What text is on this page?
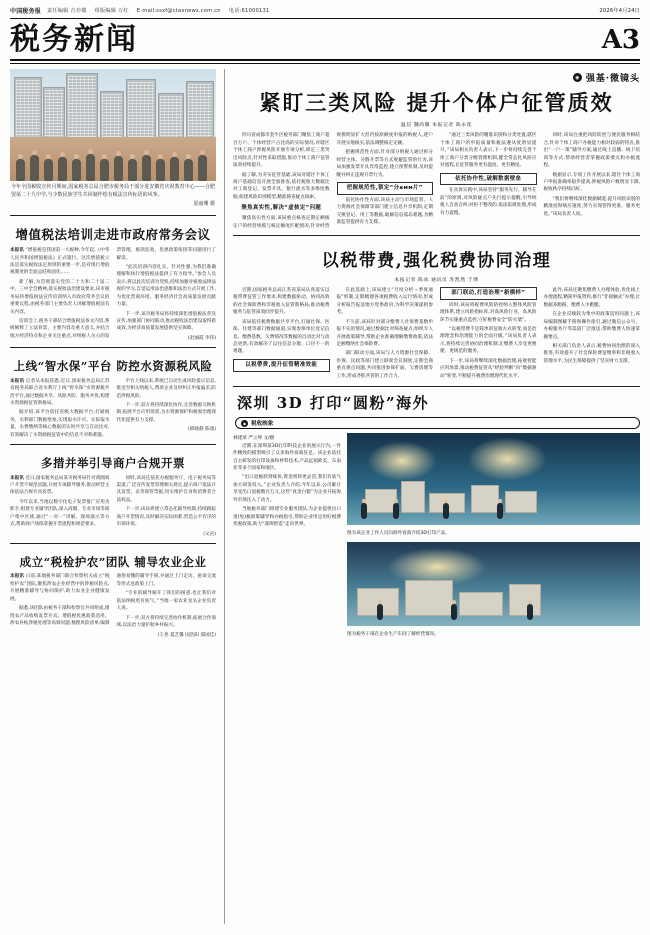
中国税务报 责任编辑 吉亦微 组版编辑 万红 E-mail:ssxf@ctaxnews.com.cn 电话:61000131	2026年4月24日
税务新闻	A3
今年全国税收宣传月期间,国家税务总局合肥市税务局于部分进安徽省庆祝教育中心——合肥罢第二十九中学,与少数民族学生共同制作绘有税法宣传标语的风筝。
夏丽珊 摄
增值税法培训走进市政府常务会议

本报讯 “增值税是我国第一大税种,今年起,《中华人民共和国增值税法》正式施行。这次增值税立法是落实税收法定原则的重要一步,是对现行增值税制度的全面总结和固化……

新了解,为贯彻落实党的二十大和二十届二中、三中全会精神,落实税收法治建设要求,该市税务局将增值税法宣传培训纳入市政府常务会议的重要议程,由税务部门主要负责人讲解增值税法有关内容。

培训会上,税务干部结合增值税法条文内容,系统阐释了立法背景、主要内容及重大意义,并结合地方经济特点和企业关注重点,对纳税人关心的发票管理、税款征收、优惠政策衔接等问题进行了解读。

“此次培训内容扎实、针对性强,为我们准确理解和执行增值税法提供了有力指导。”参会人员表示,将以此次培训为契机,持续加强对税收法律法规的学习,自觉运用法治思维和法治方式开展工作,为优化营商环境、服务经济社会高质量发展贡献力量。

下一步,该市税务局将持续深化增值税法普及宣传,加强部门协同联动,推动税收法治建设取得新成效,为经济高质量发展提供坚实保障。

(赵丽霞 李伟)
上线“智水保”平台 防控水资源税风险

本报讯 记者从本报获悉,近日,国家税务总局江苏省税务局联合省水利厅上线“智水保”水资源税共治平台,通过数据共享、风险共防、服务共优,构建水资源税征管新格局。

据介绍,该平台依托省级大数据平台,打通税务、水利部门数据壁垒,实现取水许可、实际取水量、水费缴纳等核心数据的实时共享与自动比对,有效解决了水资源税征管中的信息不对称难题。

平台上线以来,系统已自动生成风险提示信息,推送至相关纳税人,帮助企业及时纠正申报偏差,防范涉税风险。

下一步,双方将持续深化协作,完善数据交换机制,拓展平台应用场景,为水资源保护和税收治理现代化提供有力支撑。

(韩晓静 陈康)
多措并举引导商户合规开票

本报讯 近日,国家税务总局某市税务局针对商圈商户开票不规范问题,开展专项辅导服务,推动经营主体依法合规开具发票。

今年以来,当地以数字化电子发票推广应用为抓手,组建专业辅导团队,深入商圈、专业市场等商户集中区域,通过“一对一”讲解、现场演示等方式,帮助商户熟练掌握开票流程和规范要求。

同时,该局还依托办税服务厅、电子税务局等渠道,广泛宣传发票管理相关规定,提示商户依法开具发票、妥善保管票据,切实维护自身和消费者合法权益。

下一步,该局将建立常态化辅导机制,持续跟踪商户开票情况,及时解决实际困难,营造公平有序的市场环境。

(文岩)
成立“税检护农”团队 辅导农业企业

本报讯 日前,某地税务部门联合检察机关成立“税检护农”团队,聚焦涉农企业经营中的涉税风险点,开展精准辅导与协同保护,助力农业企业健康发展。

据悉,该团队由税务干部和检察官共同组成,围绕农产品收购发票开具、增值税优惠政策适用、涉农补贴涉税处理等高频问题,梳理风险清单,编制通俗易懂的辅导手册,并通过上门走访、座谈交流等形式送政策上门。

“专业的辅导解开了我们的困惑,也让我们对依法纳税更有底气。”当地一家农业龙头企业负责人说。

下一步,双方将持续完善协作机制,拓展合作领域,以法治力量护航乡村振兴。

(王尧 夏艺馨 国浩阳 邵国佳)
◉ 强基·微镜头
紧盯三类风险 提升个体户征管质效
温信 魏尚馨 本报记者 陈永莲

四川省成都市金牛区税务部门聚焦工商户超百万户、个体经营户占比高的实际情况,对辖区个体工商户涉税风险开展专项分析,锁定三类突出风险点,针对性采取措施,推动个体工商户征管质效持续提升。

据了解,为夯实征管基础,该局对辖区个体工商户基础信息开展全面排查,依托税收大数据比对工商登记、发票开具、银行流水等多维度数据,构建风险识别模型,精准筛查疑点线索。

聚焦真实性,解决“虚核定”问题

聚焦真实性方面,该局重点核查定期定额核定户的经营规模与核定额度匹配情况,针对经营规模明显扩大但仍按原额度申报的纳税人,逐户开展实地核实,依法调整核定定额。

把握规范性方面,针对部分纳税人通过拆分经营主体、分散开票等方式规避监管的行为,该局加强发票开具异常监控,建立预警机制,及时提醒并纠正违规开票行为。

把握规范性,锁定“分амм片”

依托协作性方面,该局主动与市场监管、人力资源社会保障等部门建立信息共享机制,定期交换登记、用工等数据,破解信息孤岛难题,为精准监管提供有力支撑。

“通过三类风险的精准识别和分类处置,辖区个体工商户的申报质量和税法遵从度明显提升。”该局相关负责人表示,下一步将持续完善个体工商户分类分级管理机制,健全常态化风险应对流程,让征管服务更有温度、更有精度。

依托协作性,破解数据壁垒

在具体实践中,该局坚持“服务先行、辅导在前”的原则,对风险疑点户先行提示提醒,引导纳税人自查自纠;对拒不整改的,依法依规处理,形成有力震慑。

同时,该局注重把风险防控与便民服务相结合,针对个体工商户办税能力相对较弱的特点,推出“一户一策”辅导方案,通过线上直播、线下培训等方式,帮助经营者掌握政策要点和办税流程。

数据显示,专项工作开展以来,辖区个体工商户申报准确率稳步提高,涉税风险户数明显下降,税收秩序持续向好。

“我们将继续深化数据赋能,提升风险识别的精准度和响应速度,努力实现管得更准、服务更优。”该局负责人说。

以税带费,强化税费协同治理
本报记者 陈冰 通讯员 苏凯然 于博

近期,国家税务总局江苏省某局认真落实以税带费征管工作要求,构建数据驱动、协同高效的社会保险费和非税收入征管新格局,推动税费服务与征管质效同步提升。

该局依托税费数据共享平台,打通社保、医保、住建等部门数据通道,实现参保单位登记信息、缴费基数、欠费情况等数据的自动比对与动态更新,有效解决了以往信息分散、口径不一的难题。

以税帶费,提升征管精准效能

在此基础上,该局建立“月度分析﹢季度通报”机制,定期梳理各项税费收入运行情况,形成分析报告报送地方党委政府,为科学决策提供参考。

不久前,该局针对部分缴费人社保费基数申报不实的情况,通过数据比对筛查疑点,组织专人开展政策辅导,帮助企业准确理解缴费政策,依法足额缴纳社会保险费。

部门联动方面,该局与人力资源社会保障、医保、民政等部门建立联席会议制度,定期会商重点难点问题,共同推进参保扩面、欠费清理等工作,形成齐抓共管的工作合力。

部门联动,打造治理“新模样”

同时,该局将税费风险防控纳入整体风险管理体系,建立风险指标库,对高风险行业、高风险环节实施重点监控,守好税费安全“防火墙”。

“以税带费不是简单的征收方式转变,而是治理理念和治理能力的全面升级。”该局负责人表示,将持续完善协同治理机制,让缴费人享受更便捷、更规范的服务。

下一步,该局将继续深化数据治理,拓展智能应用场景,推动税费征管从“经验判断”向“数据驱动”转变,不断提升税费治理现代化水平。

此外,该局还聚焦缴费人办理体验,优化线上办理流程,精简申报资料,推行“非接触式”办理,让数据多跑路、缴费人少跑腿。

在企业反映较为集中的政策适用问题上,该局编制图解手册和操作指引,通过微信公众号、办税服务厅等渠道广泛推送,帮助缴费人快速掌握要点。

相关部门负责人表示,税费协同治理的深入推进,有效提升了社会保险费征缴率和非税收入管理水平,为民生保障提供了坚实财力支撑。

深圳 3D 打印“圆粉”海外
◉ 税收映象
林建莱 严立坤 文/摄

近期,在深圳某3D打印科技企业的展示厅内,一件件精致的模型吸引了众多海外客商驻足。该企业依托自主研发的打印设备和材料技术,产品远销欧美、东南亚等多个国家和地区。

“出口退税款到账快,资金周转更灵活,我们有底气加大研发投入。”企业负责人介绍,今年以来,公司累计享受出口退税数百万元,这些“真金白银”为企业开拓海外市场注入了动力。

当地税务部门组建专业服务团队,为企业提供出口退(免)税政策辅导和办税指引,帮助企业用足用好税费优惠政策,助力“深圳智造”走向世界。

图为该企业工作人员向海外客商介绍3D打印产品。
图为税务干部在企业生产车间了解经营情况。
